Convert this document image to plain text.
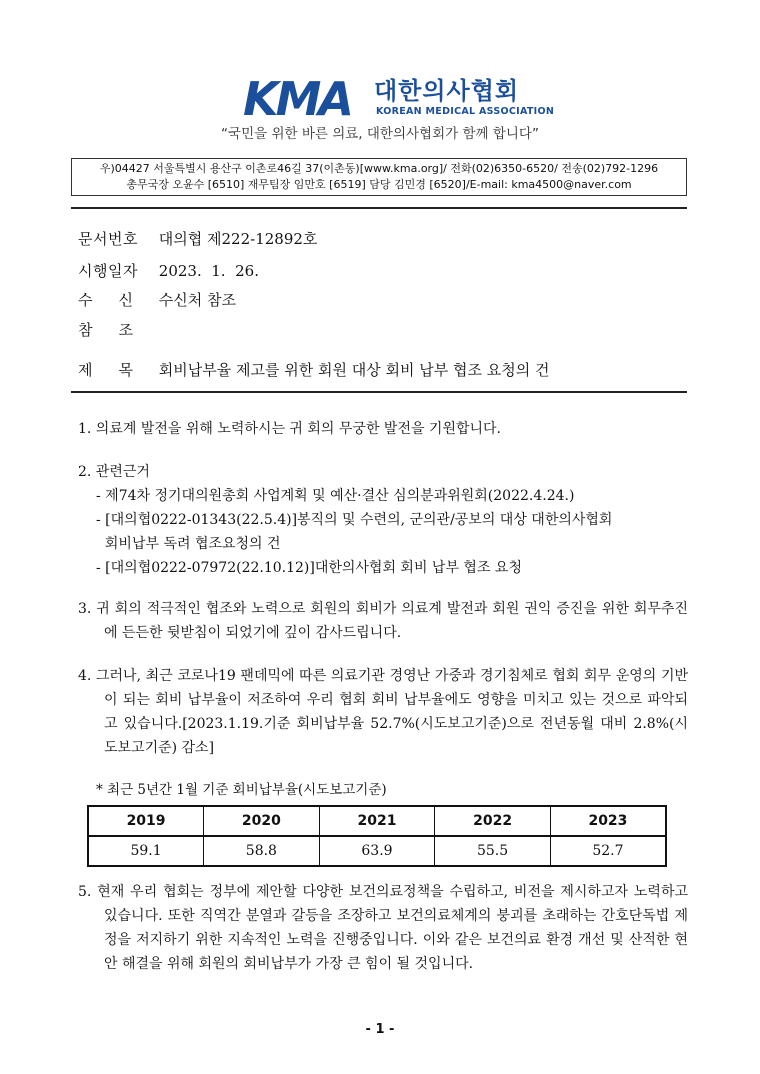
KMA 대한의사협회
KOREAN MEDICAL ASSOCIATION
“국민을 위한 바른 의료, 대한의사협회가 함께 합니다”
우)04427 서울특별시 용산구 이촌로46길 37(이촌동)[www.kma.org]/ 전화(02)6350-6520/ 전송(02)792-1296
총무국장 오윤수 [6510] 재무팀장 임만호 [6519] 담당 김민경 [6520]/E-mail: kma4500@naver.com
문서번호 대의협 제222-12892호
시행일자 2023.  1.  26.
수신 수신처 참조
참조
제목 회비납부율 제고를 위한 회원 대상 회비 납부 협조 요청의 건

1. 의료계 발전을 위해 노력하시는 귀 회의 무궁한 발전을 기원합니다.

2. 관련근거

- 제74차 정기대의원총회 사업계획 및 예산·결산 심의분과위원회(2022.4.24.)

- [대의협0222-01343(22.5.4)]봉직의 및 수련의, 군의관/공보의 대상 대한의사협회

회비납부 독려 협조요청의 건

- [대의협0222-07972(22.10.12)]대한의사협회 회비 납부 협조 요청

3. 귀 회의 적극적인 협조와 노력으로 회원의 회비가 의료계 발전과 회원 권익 증진을 위한 회무추진에 든든한 뒷받침이 되었기에 깊이 감사드립니다.

4. 그러나, 최근 코로나19 팬데믹에 따른 의료기관 경영난 가중과 경기침체로 협회 회무 운영의 기반이 되는 회비 납부율이 저조하여 우리 협회 회비 납부율에도 영향을 미치고 있는 것으로 파악되고 있습니다.[2023.1.19.기준 회비납부율 52.7%(시도보고기준)으로 전년동월 대비 2.8%(시도보고기준) 감소]

* 최근 5년간 1월 기준 회비납부율(시도보고기준)
2019	2020	2021	2022	2023
59.1	58.8	63.9	55.5	52.7

5. 현재 우리 협회는 정부에 제안할 다양한 보건의료정책을 수립하고, 비전을 제시하고자 노력하고 있습니다. 또한 직역간 분열과 갈등을 조장하고 보건의료체계의 붕괴를 초래하는 간호단독법 제정을 저지하기 위한 지속적인 노력을 진행중입니다. 이와 같은 보건의료 환경 개선 및 산적한 현안 해결을 위해 회원의 회비납부가 가장 큰 힘이 될 것입니다.

- 1 -
